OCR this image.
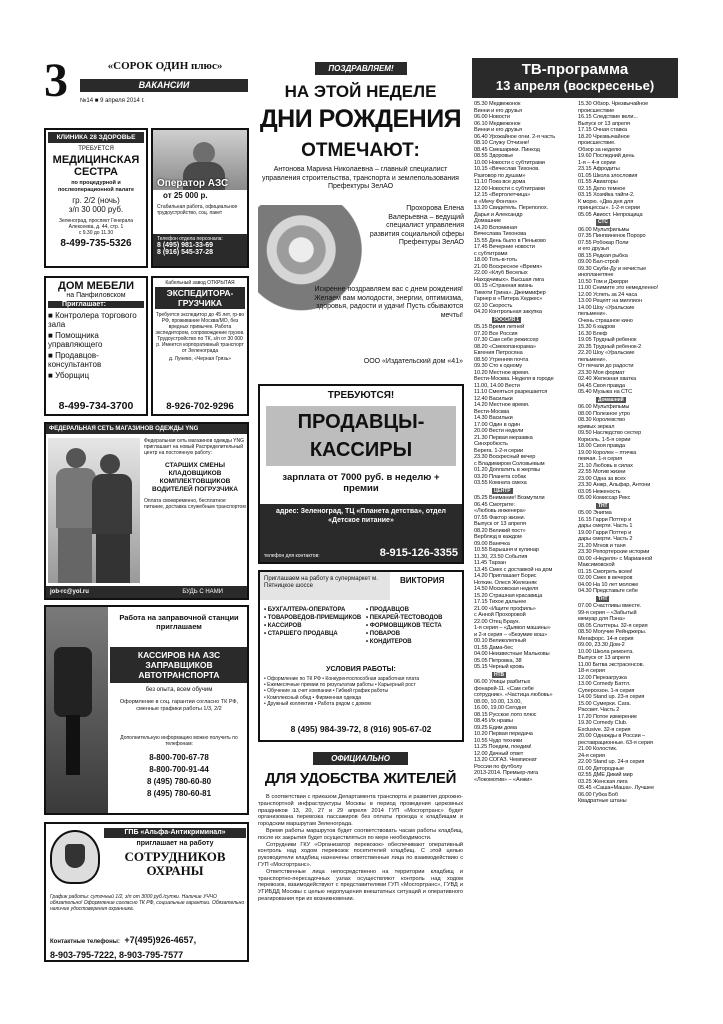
3	«СОРОК ОДИН плюс»
ВАКАНСИИ
№14 ■ 9 апреля 2014 г.
КЛИНИКА 28 ЗДОРОВЬЕ
ТРЕБУЕТСЯ
МЕДИЦИНСКАЯ СЕСТРА
по процедурной и послеоперационной палате
гр. 2/2 (ночь)
з/п 30 000 руб.
Зеленоград, проспект Генерала Алексеева, д. 44, стр. 1
с 9.30 до 11.30
8-499-735-5326
Оператор АЗС
от 25 000 р.
Стабильная работа, официальное трудоустройство, соц. пакет
Телефон отдела персонала:
8 (495) 981-33-69
8 (916) 545-37-28
ДОМ МЕБЕЛИ
на Панфиловском
Приглашает:
■ Контролера торгового зала
■ Помощника управляющего
■ Продавцов-консультантов
■ Уборщиц
8-499-734-3700
Кабельный завод ОТКРЫТАЯ
ЭКСПЕДИТОРА-ГРУЗЧИКА
Требуется экспедитор до 45 лет, гр-во РФ, проживание Москва/МО, без вредных привычек. Работа экспедитором, сопровождение грузов. Трудоустройство по ТК, з/п от 30 000 р. Имеется корпоративный транспорт от Зеленограда
д. Лунево, «Черная Грязь»
8-926-702-9296
ФЕДЕРАЛЬНАЯ СЕТЬ МАГАЗИНОВ ОДЕЖДЫ YNG
Федеральная сеть магазинов одежды YNG приглашает на новый Распределительный центр на постоянную работу:
СТАРШИХ СМЕНЫ КЛАДОВЩИКОВ КОМПЛЕКТОВЩИКОВ ВОДИТЕЛЕЙ ПОГРУЗЧИКА
Оплата своевременно, бесплатное питание, доставка служебным транспортом
job-rc@yol.ru	БУДЬ С НАМИ
Работа на заправочной станции приглашаем
КАССИРОВ НА АЗС ЗАПРАВЩИКОВ АВТОТРАНСПОРТА
без опыта, всем обучим
Оформление в соц. гарантии согласно ТК РФ, сменные графики работы 1/3, 2/2
Дополнительную информацию можно получить по телефонам:
8-800-700-67-78
8-800-700-91-44
8 (495) 780-60-80
8 (495) 780-60-81
ГПБ «Альфа-Антикриминал»
приглашает на работу
СОТРУДНИКОВ ОХРАНЫ
График работы: суточный 1/2, з/п от 3000 руб./сутки. Наличие УЧЧО обязательно! Оформление согласно ТК РФ, социальные гарантии. Обязательно наличие удостоверения охранника.
Контактные телефоны: +7(495)926-4657,
8-903-795-7222, 8-903-795-7577
ПОЗДРАВЛЯЕМ!
НА ЭТОЙ НЕДЕЛЕ
ДНИ РОЖДЕНИЯ
ОТМЕЧАЮТ:
Антонова Марина Николаевна – главный специалист управления строительства, транспорта и землепользования Префектуры ЗелАО
Прохорова Елена Валерьевна – ведущий специалист управления развития социальной сферы Префектуры ЗелАО
Искренне поздравляем вас с днем рождения! Желаем вам молодости, энергии, оптимизма, здоровья, радости и удачи! Пусть сбываются мечты!
ООО «Издательский дом «41»
ТРЕБУЮТСЯ!
ПРОДАВЦЫ-КАССИРЫ
зарплата от 7000 руб. в неделю + премии
адрес: Зеленоград, ТЦ «Планета детства», отдел «Детское питание»
телефон для контактов:	8-915-126-3355
Приглашаем на работу в супермаркет м. Пятницкое шоссе
ВИКТОРИЯ
• БУХГАЛТЕРА-ОПЕРАТОРА
• ТОВАРОВЕДОВ-ПРИЕМЩИКОВ
• КАССИРОВ
• СТАРШЕГО ПРОДАВЦА
• ПРОДАВЦОВ
• ПЕКАРЕЙ-ТЕСТОВОДОВ
• ФОРМОВЩИКОВ ТЕСТА
• ПОВАРОВ
• КОНДИТЕРОВ
УСЛОВИЯ РАБОТЫ:
• Оформление по ТК РФ • Конкурентоспособная заработная плата
• Ежемесячные премии по результатам работы • Карьерный рост
• Обучение за счет компании • Гибкий график работы
• Комплексный обед • Фирменная одежда
• Дружный коллектив • Работа рядом с домом
8 (495) 984-39-72, 8 (916) 905-67-02
ОФИЦИАЛЬНО
ДЛЯ УДОБСТВА ЖИТЕЛЕЙ

В соответствии с приказом Департамента транспорта и развития дорожно-транспортной инфраструктуры Москвы в период проведения церковных праздников 13, 20, 27 и 29 апреля 2014 ГУП «Мосгортранс» будет организована перевозка пассажиров без оплаты проезда к кладбищам и городским маршрутам Зеленограда.

Время работы маршрутов будет соответствовать часам работы кладбищ, после их закрытия будет осуществляться по мере необходимости.

Сотрудники ГКУ «Организатор перевозок» обеспечивают оперативный контроль над ходом перевозок посетителей кладбищ. С этой целью руководители кладбищ назначены ответственные лица по взаимодействию с ГУП «Мосгортранс».

Ответственные лица непосредственно на территории кладбищ и транспортно-пересадочных узлах осуществляют контроль над ходом перевозок, взаимодействуют с представителями ГУП «Мосгортранс», ГУВД и УГИБДД Москвы с целью недопущения внештатных ситуаций и оперативного реагирования при их возникновении.

ТВ-программа
13 апреля (воскресенье)
05.30 Медвежонок
Винни и его друзья
06.00 Новости
06.10 Медвежонок
Винни и его друзья
06.40 Урожайное огни. 2-я часть
08.10 Служу Отчизне!
08.45 Смешарики. Пинкод
08.55 Здоровье
10.00 Новости с субтитрами
10.15 «Вячеслав Тихонов.
Разговор по душам»
11.10 Пока все дома
12.00 Новости с субтитрами
12.15 «Вертолетчица»
в «Мечу Фонтан»
13.20 Свидетель. Переполох.
Дарья и Александр
Домашние
14.20 Вспоминая
Вячеслава Тихонова
15.55 День было в Пеньково
17.45 Вечерние новости
с субтитрами
18.00 Тоть-в-тоть
21.00 Воскресное «Время»
22.00 «Клуб Веселых
Находчивых». Высшая лига
00.15 «Странная жизнь
Тимоти Грина». Джеммифер
Гарнер в «Питера Хеджес»
02.10 Скорость
04.20 Контрольная закупка
РОССИЯ 1
05.15 Время летней
07.20 Все Россия
07.30 Сам себе режиссер
08.20 «Смехопанорама»
Евгения Петросяна
08.50 Утренняя почта
09.30 Сто к одному
10.20 Местное время.
Вести-Москва. Неделя в городе
11.00, 14.00 Вести
11.10 Смеяться разрешается
12.40 Васильки
14.20 Местное время.
Вести-Москва
14.30 Васильки
17.00 Один в один
20.00 Вести недели
21.30 Первая мерзавка
Синхробюсть
Берега. 1-2-я серии
23.30 Воскресный вечер
с Владимиром Соловьевым
01.20 Доплатить в жертвы
03.20 Планета собак
03.55 Комната смеха
ЦЕНТР
05.25 Внимание! Возмутили
06.45 Смотрите:
«Любовь инженера»
07.55 Фактор жизни.
Выпуск от 13 апреля
08.20 Великий пост»
Верблюд в каждом
09.00 Ванечка
10.55 Барышня и кулинар
11.30, 23.50 События
11.45 Тарзан
13.45 Смех с доставкой на дом
14.20 Приглашает Борис
Ноткин. Олеся Железняк
14.50 Московская неделя
15.20 Страшная красавица
17.15 Тихое дальнее
21.00 «Ищите профиль»
с Анной Прохоровой
22.00 Отец Браун.
1-я серия – «Дьявол машины»
и 2-я серия – «Безумие вош»
00.10 Великолепный
01.55 Дама-бес
04.00 Неизвестные Мальковы
05.05 Петровка, 38
05.15 Черный кровь
НТВ
06.00 Улицы разбитых
фонарей-11. «Сам себе
сотрудник». «Частица любовь»
08.00, 10.00, 13.00,
16.00, 19.00 Сегодня
08.15 Русское лото плюс
08.45 Их нравы
09.25 Едим дома
10.20 Первая передача
10.55 Чудо техники
11.25 Поедем, поедим!
12.00 Дачный ответ
13.20 СОГАЗ. Чемпионат
России по футболу
2013-2014. Премьер-лига
«Локомотив» – «Анжи»
15.30 Обзор. Чрезвычайное
происшествие
16.15 Следствие вели...
Выпуск от 13 апреля
17.15 Очная ставка
18.20 Чрезвычайное
происшествие.
Обзор за неделю
19.60 Последний день
1-я – 4-я серии
23.15 Афродиты
01.05 Школа злословия
01.55 Авиаторы
02.15 Дело темное
03.15 Хозяйка тайги-2.
К морю. «Два дня для
принцессы». 1-2-я серии
05.05 Авиост. Непрощица
СТС
06.00 Мультфильмы
07.35 Пингвиненок Пороро
07.55 Робокар Поли
и его друзья
08.15 Редкая рыбка
09.00 Бал-строй
09.30 Скуби-Ду и нечистые
инопланетяне
10.50 Том и Джерри
11.00 Снимите это немедленно!
12.00 Успеть за 24 часа
13.00 Рецепт на миллион
14.00 Шоу «Уральские
пельмени».
Очень страшное кино
15.30 6 кадров
16.30 Блеф
19.05 Трудный ребенок
20.35 Трудный ребенок-2
22.20 Шоу «Уральские
пельмени».
От печали до радости
23.30 Моя формат
02.40 Железная хватка
04.45 Своя правда
05.40 Музыка на СТС
Домашний
06.00 Мультфильмы
08.00 Полезное утро
08.30 Королевство
кривых зеркал
09.50 Наследство сестер
Кориэль. 1-5-я серии
18.00 Своя правда
19.00 Королек – птичка
певчая. 1-я серия
21.10 Любовь в силах
22.55 Мотив жизни
23.00 Одна за всех
23.30 Анжр, Альфар, Антони
03.05 Неженость
05.00 Комиссар Рекс
ТНТ
05.00 Энигма
16.15 Гарри Поттер и
дары смерти. Часть 1
19.00 Гарри Поттер и
дары смерти. Часть 2
21.20 Мгнов и таня
23.30 Репортерские истории
00.00 «Неделя» с Марианной
Максимовской
01.15 Смотреть всем!
02.00 Смех в вечеров
04.00 На 10 лет моложе
04.30 Представьте себе
ТНТ
07.00 Счастливы вместе.
99-я серия – «Забытый
мемуар для Пэна»
08.05 Слаттеры. 32-я серия
08.50 Могучие Рейнджеры.
Мегафорс. 14-я серия
09.00, 23.30 Дом-2
10.00 Школа ремонта.
Выпуск от 13 апреля
11.00 Битва экстрасенсов.
18-я серия
12.00 Перезагрузка
13.00 Comedy Баттл.
Суперсезон. 1-я серия
14.00 Stand up. 23-я серия
15.00 Сумерки. Сага.
Рассвет. Часть 2
17.20 Потое измерение
19.30 Comedy Club.
Exclusive. 32-я серия
20.00 Однажды в России –
реставрационные. 63-я серия
21.00 Колостик.
24-я серия
22.00 Stand up. 24-я серия
01.00 Детородные
02.55 ДМЕ Дикий мир
03.25 Женская лига
05.45 «Саша+Маша». Лучшее
06.00 Губка Боб
Квадратные штаны
